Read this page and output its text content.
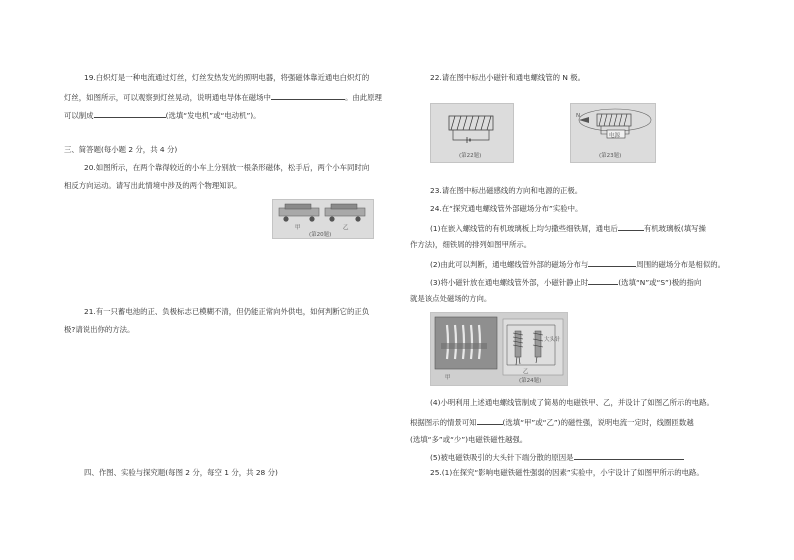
19.白炽灯是一种电流通过灯丝，灯丝发热发光的照明电器，将强磁体靠近通电白炽灯的
灯丝，如图所示，可以观察到灯丝晃动，说明通电导体在磁场中	。由此原理
可以制成	(选填“发电机”或“电动机”)。
三、简答题(每小题 2 分，共 4 分)
20.如图所示，在两个靠得较近的小车上分别放一根条形磁体，松手后，两个小车同时向
相反方向运动。请写出此情境中涉及的两个物理知识。
甲	乙
(第20题)
21.有一只蓄电池的正、负极标志已模糊不清，但仍能正常向外供电，如何判断它的正负
极?请说出你的方法。
四、作图、实验与探究题(每图 2 分，每空 1 分，共 28 分)
22.请在图中标出小磁针和通电螺线管的 N 极。
(第22题)
N
电源
(第23题)
23.请在图中标出磁感线的方向和电源的正极。
24.在“探究通电螺线管外部磁场分布”实验中。
(1)在嵌入螺线管的有机玻璃板上均匀撒些细铁屑，通电后	有机玻璃板(填写操
作方法)，细铁屑的排列如图甲所示。
(2)由此可以判断，通电螺线管外部的磁场分布与	周围的磁场分布是相似的。
(3)将小磁针放在通电螺线管外部，小磁针静止时	(选填“N”或“S”)极的指向
就是该点处磁场的方向。
甲
乙
大头针
(第24题)
(4)小明利用上述通电螺线管制成了简易的电磁铁甲、乙，并设计了如图乙所示的电路。
根据图示的情景可知	(选填“甲”或“乙”)的磁性强，说明电流一定时，线圈匝数越
(选填“多”或“少”)电磁铁磁性越强。
(5)被电磁铁吸引的大头针下端分散的原因是
25.(1)在探究“影响电磁铁磁性强弱的因素”实验中，小宇设计了如图甲所示的电路。
